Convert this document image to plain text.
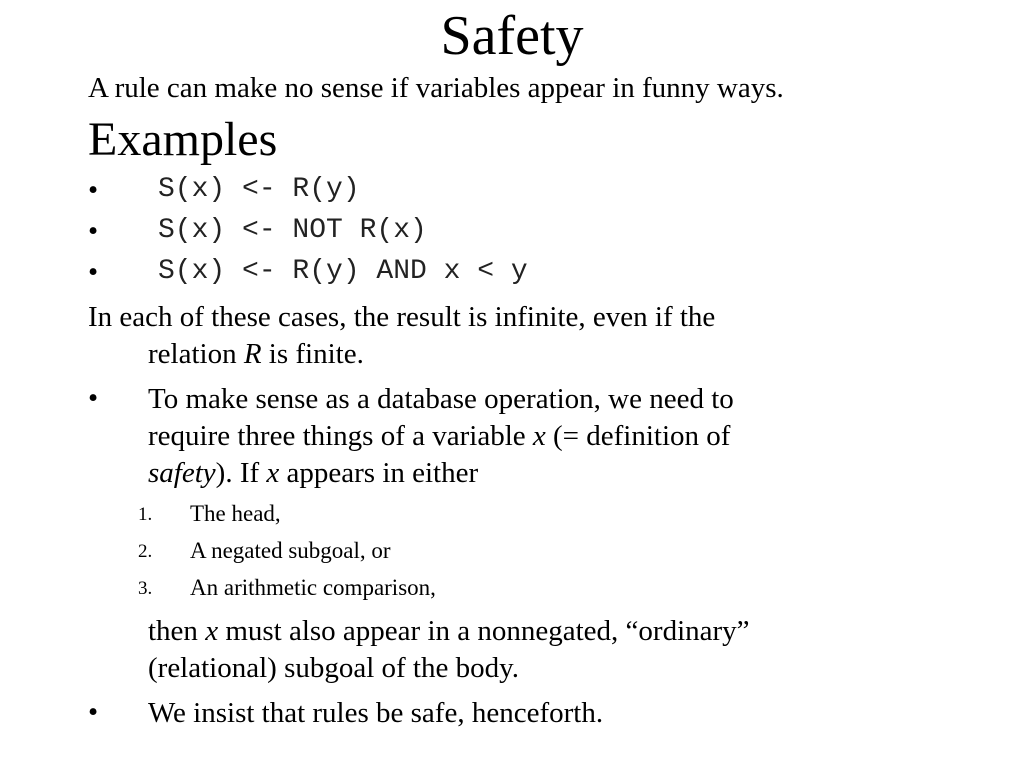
Safety
A rule can make no sense if variables appear in funny ways.
Examples
• S(x) <- R(y)
• S(x) <- NOT R(x)
• S(x) <- R(y) AND x < y
In each of these cases, the result is infinite, even if the
relation R is finite.
• To make sense as a database operation, we need to
require three things of a variable x (= definition of
safety). If x appears in either
1. The head,
2. A negated subgoal, or
3. An arithmetic comparison,
then x must also appear in a nonnegated, “ordinary”
(relational) subgoal of the body.
• We insist that rules be safe, henceforth.
